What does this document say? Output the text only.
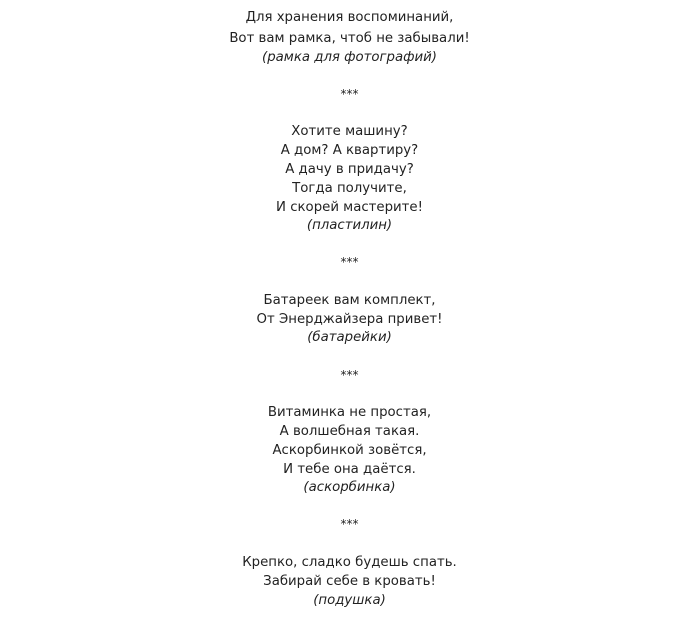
Для хранения воспоминаний,
Вот вам рамка, чтоб не забывали!
(рамка для фотографий)
***
Хотите машину?
А дом? А квартиру?
А дачу в придачу?
Тогда получите,
И скорей мастерите!
(пластилин)
***
Батареек вам комплект,
От Энерджайзера привет!
(батарейки)
***
Витаминка не простая,
А волшебная такая.
Аскорбинкой зовётся,
И тебе она даётся.
(аскорбинка)
***
Крепко, сладко будешь спать.
Забирай себе в кровать!
(подушка)
